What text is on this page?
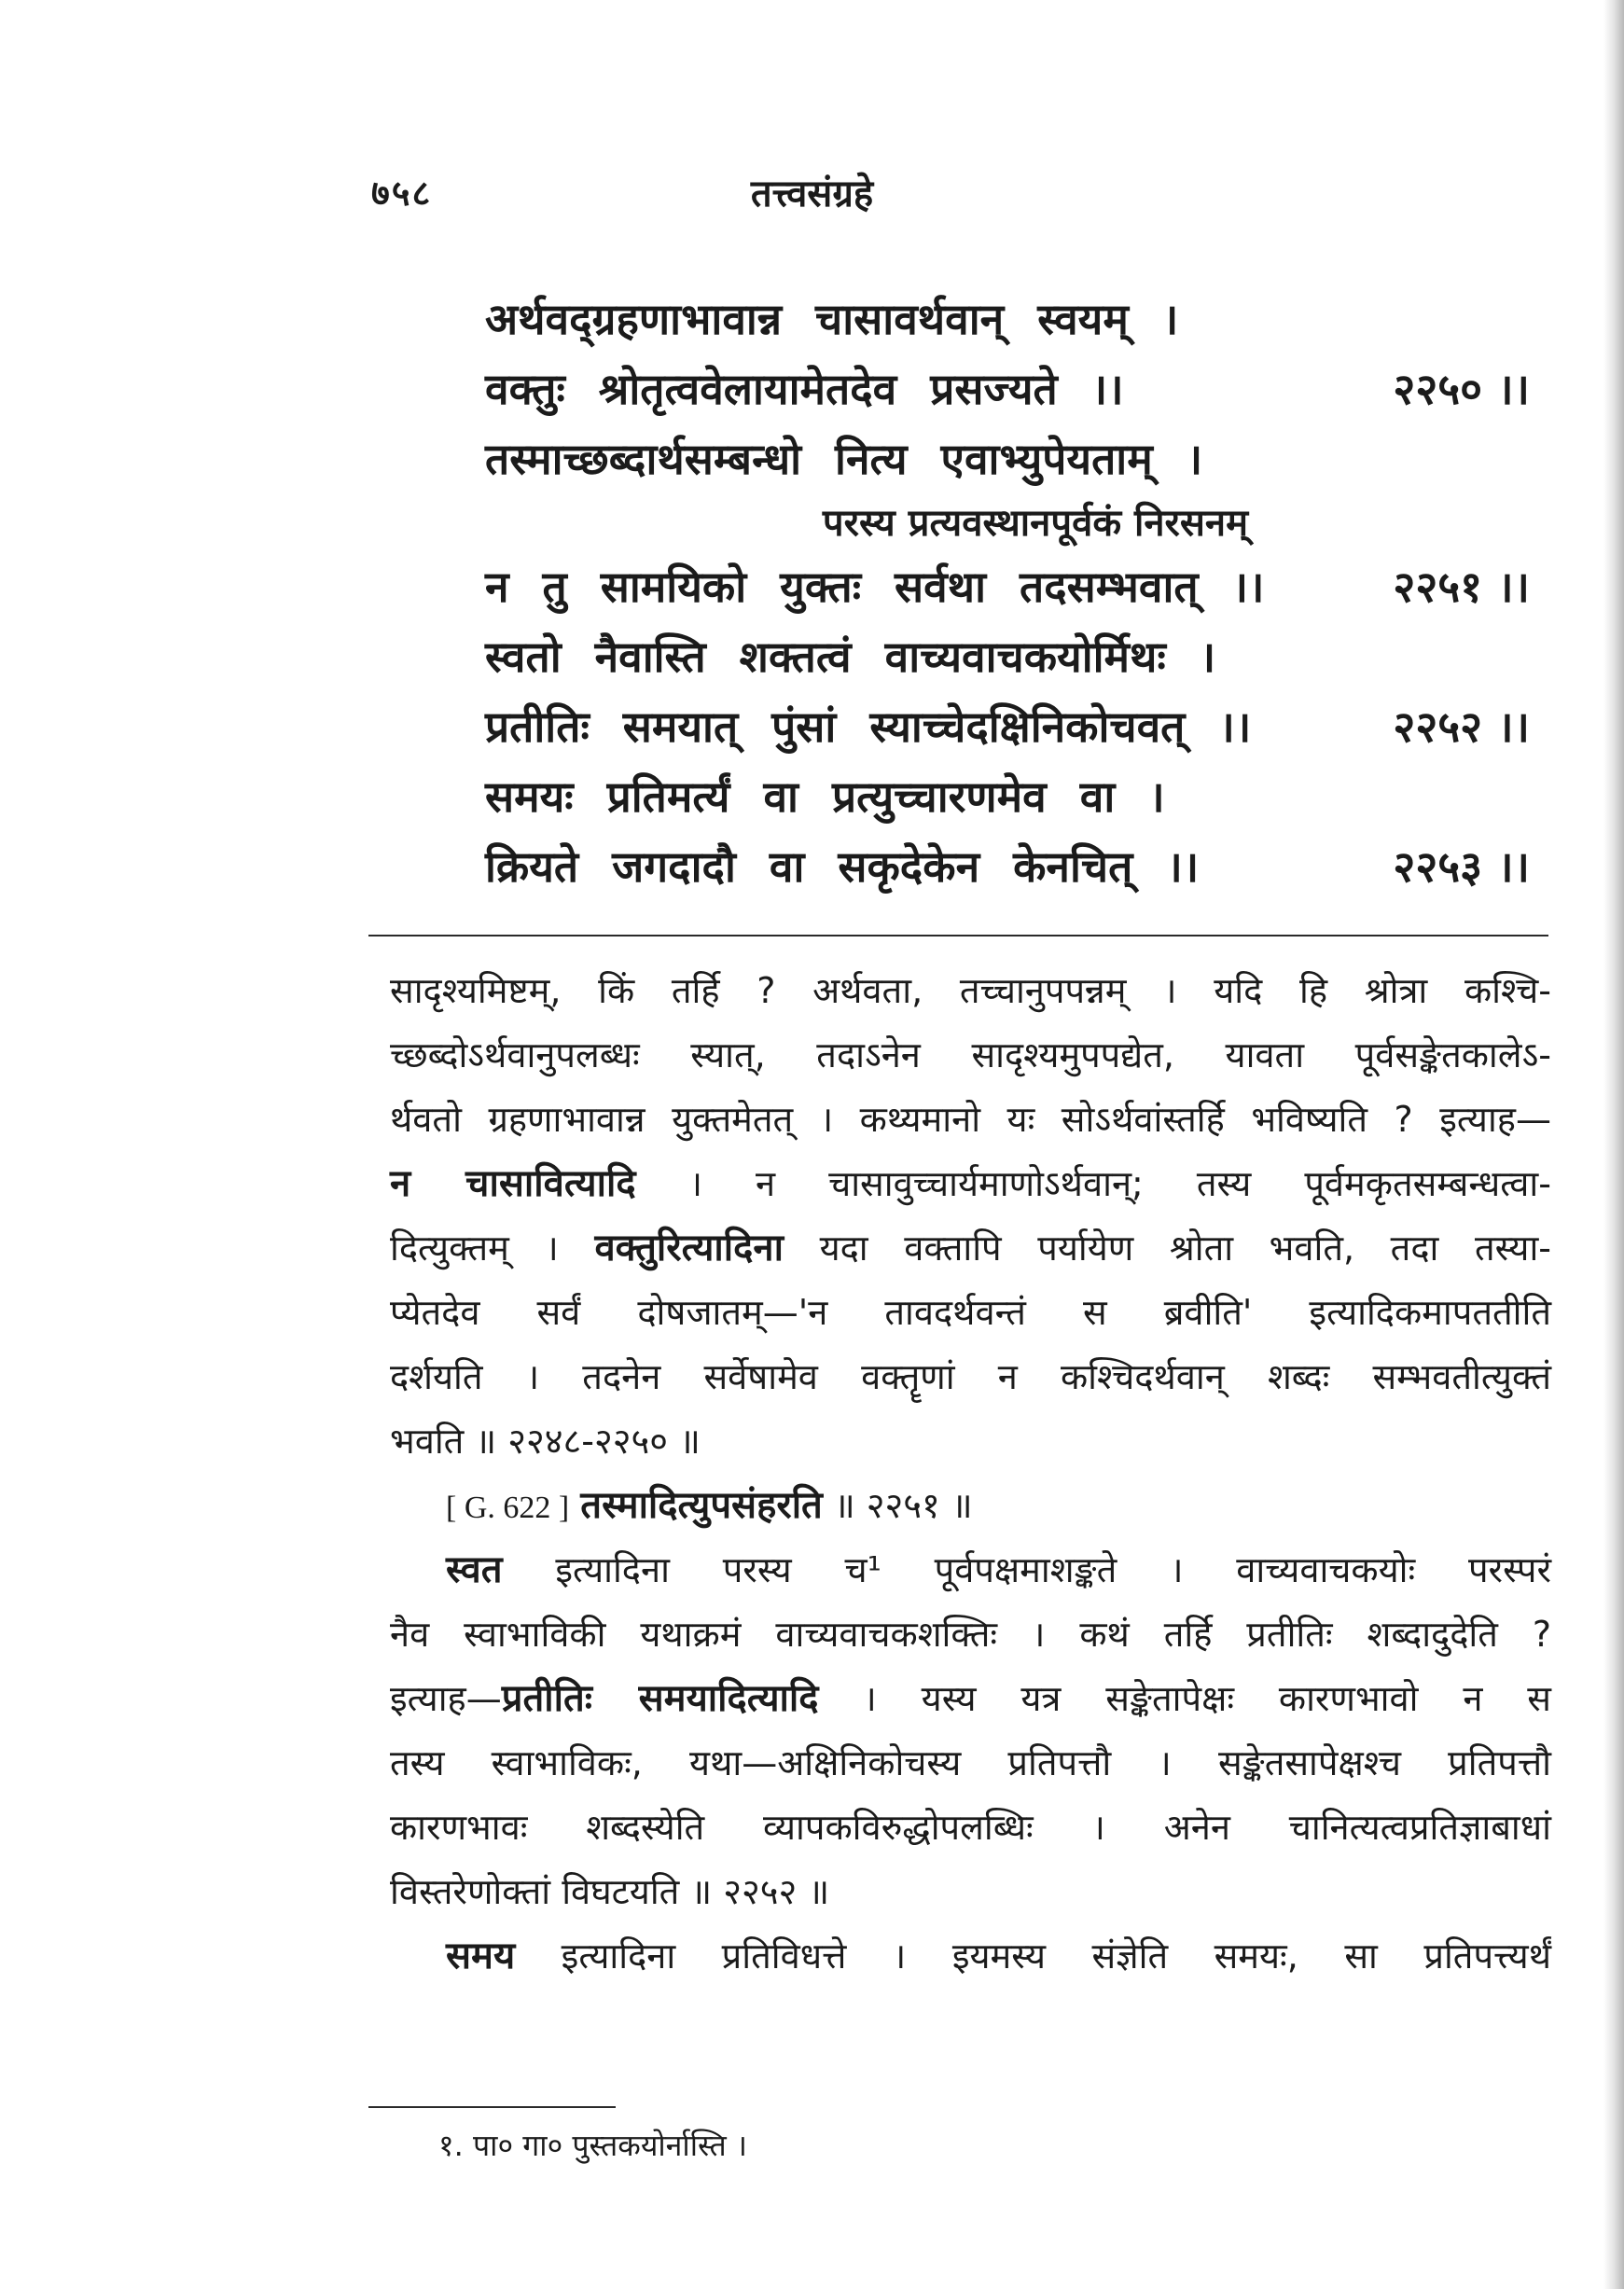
७५८	तत्त्वसंग्रहे
अर्थवद्ग्रहणाभावान्न चासावर्थवान् स्वयम् ।
वक्तुः श्रोतृत्ववेलायामेतदेव प्रसज्यते ।।	२२५० ।।
तस्माच्छब्दार्थसम्बन्धो नित्य एवाभ्युपेयताम् ।
परस्य प्रत्यवस्थानपूर्वकं निरसनम्
न तु सामयिको युक्तः सर्वथा तदसम्भवात् ।।	२२५१ ।।
स्वतो नैवास्ति शक्तत्वं वाच्यवाचकयोर्मिथः ।
प्रतीतिः समयात् पुंसां स्याच्चेदक्षिनिकोचवत् ।।	२२५२ ।।
समयः प्रतिमर्त्यं वा प्रत्युच्चारणमेव वा ।
क्रियते जगदादौ वा सकृदेकेन केनचित् ।।	२२५३ ।।
सादृश्यमिष्टम्, किं तर्हि ? अर्थवता, तच्चानुपपन्नम् । यदि हि श्रोत्रा कश्चि-
च्छब्दोऽर्थवानुपलब्धः स्यात्, तदाऽनेन सादृश्यमुपपद्येत, यावता पूर्वसङ्केतकालेऽ-
र्थवतो ग्रहणाभावान्न युक्तमेतत् । कथ्यमानो यः सोऽर्थवांस्तर्हि भविष्यति ? इत्याह—
न चासावित्यादि । न चासावुच्चार्यमाणोऽर्थवान्; तस्य पूर्वमकृतसम्बन्धत्वा-
दित्युक्तम् । वक्तुरित्यादिना यदा वक्तापि पर्यायेण श्रोता भवति, तदा तस्या-
प्येतदेव सर्वं दोषजातम्—'न तावदर्थवन्तं स ब्रवीति' इत्यादिकमापततीति
दर्शयति । तदनेन सर्वेषामेव वक्तॄणां न कश्चिदर्थवान् शब्दः सम्भवतीत्युक्तं
भवति ॥ २२४८-२२५० ॥
[ G. 622 ] तस्मादित्युपसंहरति ॥ २२५१ ॥
स्वत इत्यादिना परस्य च¹ पूर्वपक्षमाशङ्कते । वाच्यवाचकयोः परस्परं
नैव स्वाभाविकी यथाक्रमं वाच्यवाचकशक्तिः । कथं तर्हि प्रतीतिः शब्दादुदेति ?
इत्याह—प्रतीतिः समयादित्यादि । यस्य यत्र सङ्केतापेक्षः कारणभावो न स
तस्य स्वाभाविकः, यथा—अक्षिनिकोचस्य प्रतिपत्तौ । सङ्केतसापेक्षश्च प्रतिपत्तौ
कारणभावः शब्दस्येति व्यापकविरुद्धोपलब्धिः । अनेन चानित्यत्वप्रतिज्ञाबाधां
विस्तरेणोक्तां विघटयति ॥ २२५२ ॥
समय इत्यादिना प्रतिविधत्ते । इयमस्य संज्ञेति समयः, सा प्रतिपत्त्यर्थं
१. पा० गा० पुस्तकयोर्नास्ति ।
